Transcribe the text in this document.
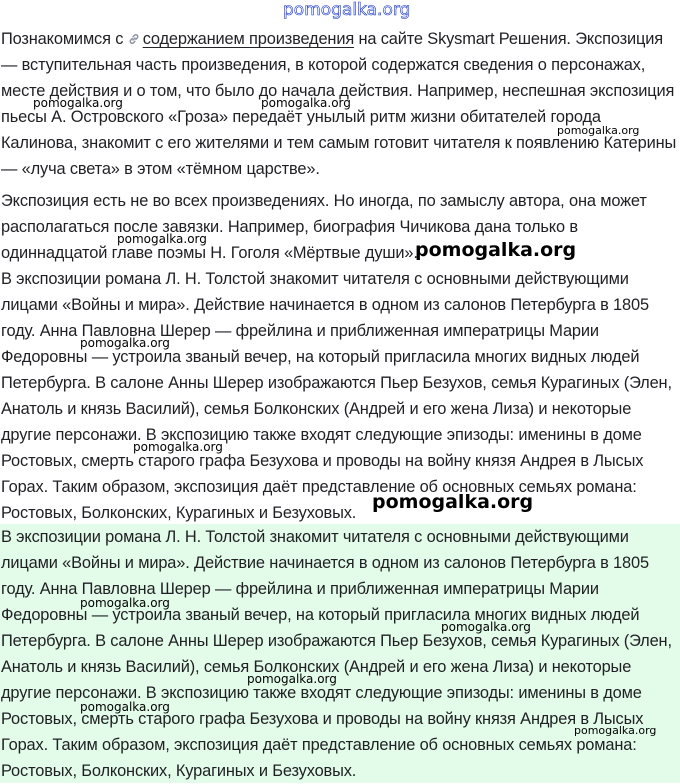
pomogalka.org

Познакомимся с содержанием произведения на сайте Skysmart Решения. Экспозиция — вступительная часть произведения, в которой содержатся сведения о персонажах, месте действия и о том, что было до начала действия. Например, неспешная экспозиция пьесы А. Островского «Гроза» передаёт унылый ритм жизни обитателей города Калинова, знакомит с его жителями и тем самым готовит читателя к появлению Катерины — «луча света» в этом «тёмном царстве».

Экспозиция есть не во всех произведениях. Но иногда, по замыслу автора, она может располагаться после завязки. Например, биография Чичикова дана только в одиннадцатой главе поэмы Н. Гоголя «Мёртвые души».

В экспозиции романа Л. Н. Толстой знакомит читателя с основными действующими лицами «Войны и мира». Действие начинается в одном из салонов Петербурга в 1805 году. Анна Павловна Шерер — фрейлина и приближенная императрицы Марии Федоровны — устроила званый вечер, на который пригласила многих видных людей Петербурга. В салоне Анны Шерер изображаются Пьер Безухов, семья Курагиных (Элен, Анатоль и князь Василий), семья Болконских (Андрей и его жена Лиза) и некоторые другие персонажи. В экспозицию также входят следующие эпизоды: именины в доме Ростовых, смерть старого графа Безухова и проводы на войну князя Андрея в Лысых Горах. Таким образом, экспозиция даёт представление об основных семьях романа: Ростовых, Болконских, Курагиных и Безуховых.

В экспозиции романа Л. Н. Толстой знакомит читателя с основными действующими лицами «Войны и мира». Действие начинается в одном из салонов Петербурга в 1805 году. Анна Павловна Шерер — фрейлина и приближенная императрицы Марии Федоровны — устроила званый вечер, на который пригласила многих видных людей Петербурга. В салоне Анны Шерер изображаются Пьер Безухов, семья Курагиных (Элен, Анатоль и князь Василий), семья Болконских (Андрей и его жена Лиза) и некоторые другие персонажи. В экспозицию также входят следующие эпизоды: именины в доме Ростовых, смерть старого графа Безухова и проводы на войну князя Андрея в Лысых Горах. Таким образом, экспозиция даёт представление об основных семьях романа: Ростовых, Болконских, Курагиных и Безуховых.

pomogalka.org	pomogalka.org
pomogalka.org
pomogalka.org	pomogalka.org
pomogalka.org
pomogalka.org
pomogalka.org
pomogalka.org
pomogalka.org
pomogalka.org
pomogalka.org
pomogalka.org
